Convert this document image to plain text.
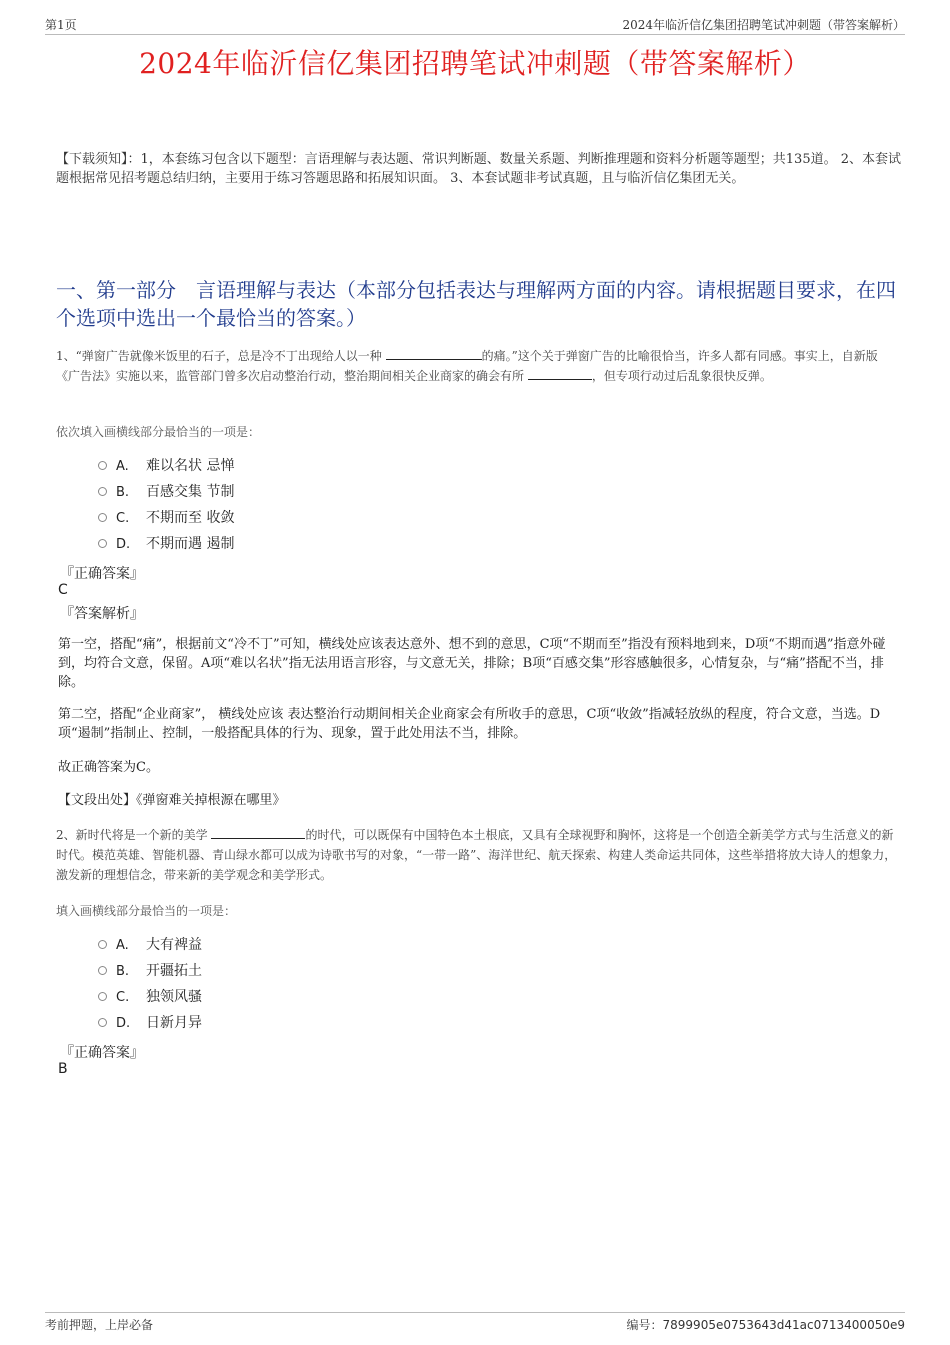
第1页	2024年临沂信亿集团招聘笔试冲刺题（带答案解析）
2024年临沂信亿集团招聘笔试冲刺题（带答案解析）
【下载须知】：1，本套练习包含以下题型：言语理解与表达题、常识判断题、数量关系题、判断推理题和资料分析题等题型；共135道。 2、本套试题根据常见招考题总结归纳，主要用于练习答题思路和拓展知识面。 3、本套试题非考试真题，且与临沂信亿集团无关。
一、第一部分　言语理解与表达（本部分包括表达与理解两方面的内容。请根据题目要求，在四个选项中选出一个最恰当的答案。）
1、“弹窗广告就像米饭里的石子，总是冷不丁出现给人以一种	的痛。”这个关于弹窗广告的比喻很恰当，许多人都有同感。事实上，自新版《广告法》实施以来，监管部门曾多次启动整治行动，整治期间相关企业商家的确会有所	，但专项行动过后乱象很快反弹。
依次填入画横线部分最恰当的一项是：
A. 难以名状 忌惮
B. 百感交集 节制
C. 不期而至 收敛
D. 不期而遇 遏制
『正确答案』
C
『答案解析』
第一空，搭配“痛”，根据前文“冷不丁”可知，横线处应该表达意外、想不到的意思，C项“不期而至”指没有预料地到来，D项“不期而遇”指意外碰到，均符合文意，保留。A项“难以名状”指无法用语言形容，与文意无关，排除；B项“百感交集”形容感触很多，心情复杂，与“痛”搭配不当，排除。
第二空，搭配“企业商家”， 横线处应该 表达整治行动期间相关企业商家会有所收手的意思，C项“收敛”指减轻放纵的程度，符合文意，当选。D项“遏制”指制止、控制，一般搭配具体的行为、现象，置于此处用法不当，排除。
故正确答案为C。
【文段出处】《弹窗难关掉根源在哪里》
2、新时代将是一个新的美学	的时代，可以既保有中国特色本土根底，又具有全球视野和胸怀，这将是一个创造全新美学方式与生活意义的新时代。模范英雄、智能机器、青山绿水都可以成为诗歌书写的对象，“一带一路”、海洋世纪、航天探索、构建人类命运共同体，这些举措将放大诗人的想象力，激发新的理想信念，带来新的美学观念和美学形式。
填入画横线部分最恰当的一项是：
A. 大有裨益
B. 开疆拓土
C. 独领风骚
D. 日新月异
『正确答案』
B
考前押题，上岸必备	编号：7899905e0753643d41ac0713400050e9
